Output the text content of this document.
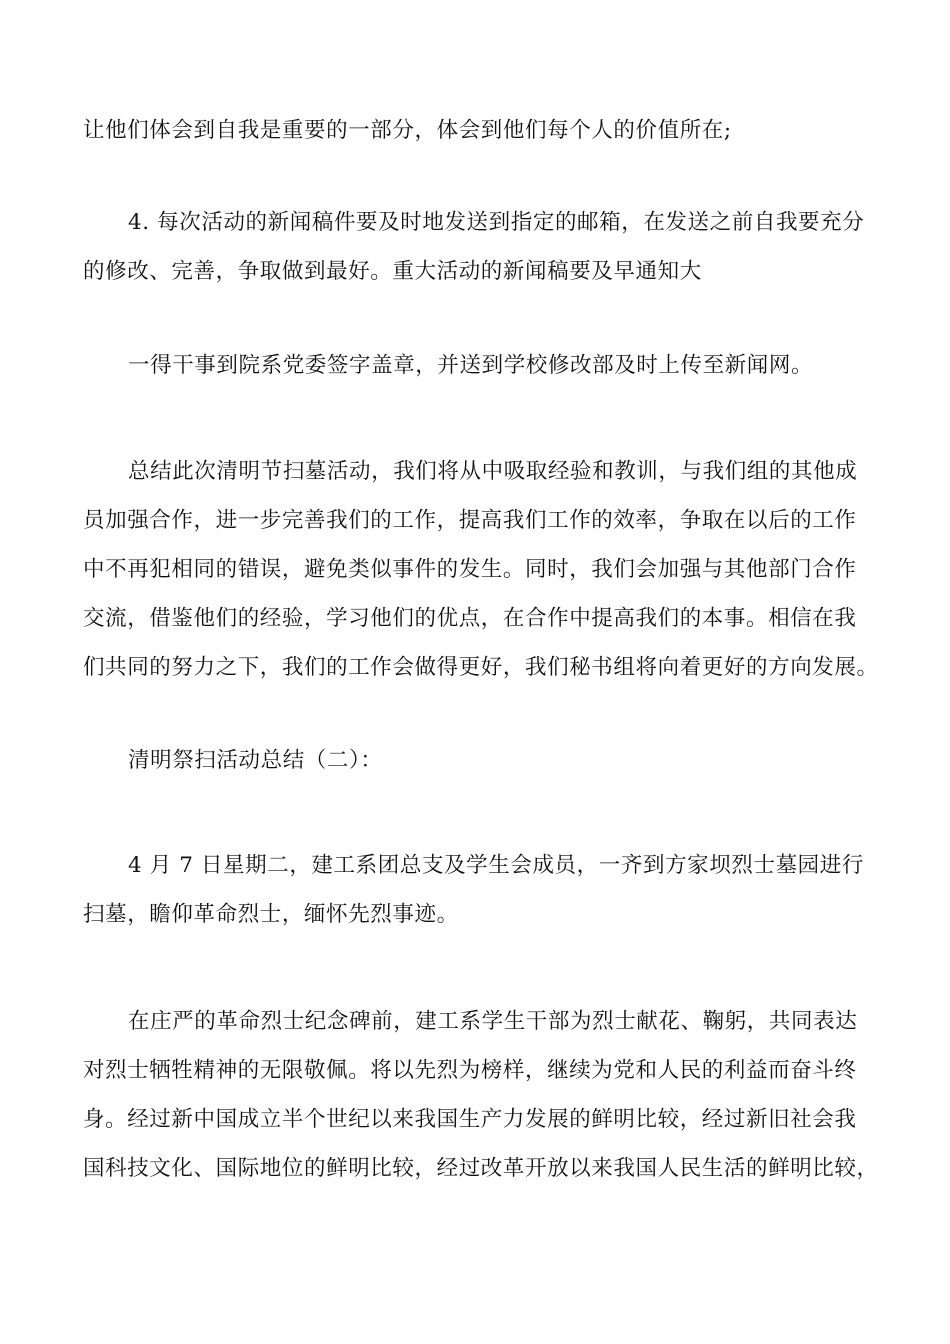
让他们体会到自我是重要的一部分，体会到他们每个人的价值所在;
4. 每次活动的新闻稿件要及时地发送到指定的邮箱，在发送之前自我要充分
的修改、完善，争取做到最好。重大活动的新闻稿要及早通知大
一得干事到院系党委签字盖章，并送到学校修改部及时上传至新闻网。
总结此次清明节扫墓活动，我们将从中吸取经验和教训，与我们组的其他成
员加强合作，进一步完善我们的工作，提高我们工作的效率，争取在以后的工作
中不再犯相同的错误，避免类似事件的发生。同时，我们会加强与其他部门合作
交流，借鉴他们的经验，学习他们的优点，在合作中提高我们的本事。相信在我
们共同的努力之下，我们的工作会做得更好，我们秘书组将向着更好的方向发展。
清明祭扫活动总结（二）：
4 月 7 日星期二，建工系团总支及学生会成员，一齐到方家坝烈士墓园进行
扫墓，瞻仰革命烈士，缅怀先烈事迹。
在庄严的革命烈士纪念碑前，建工系学生干部为烈士献花、鞠躬，共同表达
对烈士牺牲精神的无限敬佩。将以先烈为榜样，继续为党和人民的利益而奋斗终
身。经过新中国成立半个世纪以来我国生产力发展的鲜明比较，经过新旧社会我
国科技文化、国际地位的鲜明比较，经过改革开放以来我国人民生活的鲜明比较，
